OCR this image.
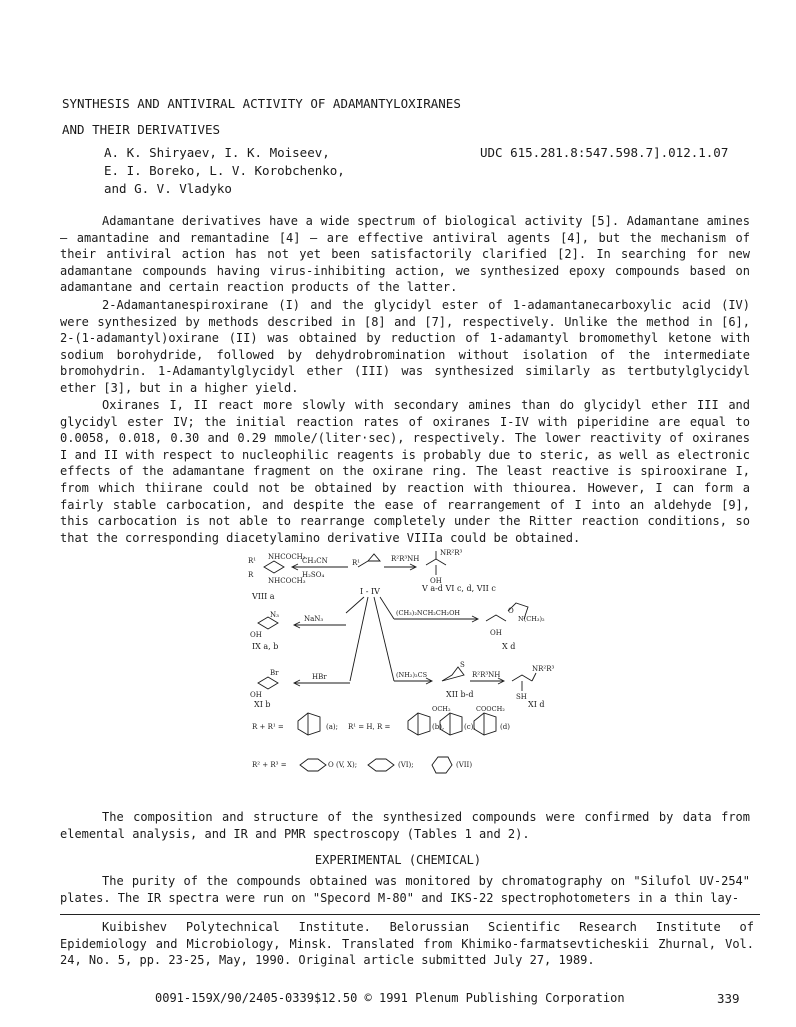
SYNTHESIS AND ANTIVIRAL ACTIVITY OF ADAMANTYLOXIRANES
AND THEIR DERIVATIVES
A. K. Shiryaev, I. K. Moiseev,
E. I. Boreko, L. V. Korobchenko,
and G. V. Vladyko
UDC 615.281.8:547.598.7].012.1.07

Adamantane derivatives have a wide spectrum of biological activity [5]. Adamantane amines – amantadine and remantadine [4] – are effective antiviral agents [4], but the mechanism of their antiviral action has not yet been satisfactorily clarified [2]. In searching for new adamantane compounds having virus-inhibiting action, we synthesized epoxy compounds based on adamantane and certain reaction products of the latter.

2-Adamantanespiroxirane (I) and the glycidyl ester of 1-adamantanecarboxylic acid (IV) were synthesized by methods described in [8] and [7], respectively. Unlike the method in [6], 2-(1-adamantyl)oxirane (II) was obtained by reduction of 1-adamantyl bromomethyl ketone with sodium borohydride, followed by dehydrobromination without isolation of the intermediate bromohydrin. 1-Adamantylglycidyl ether (III) was synthesized similarly as tertbutylglycidyl ether [3], but in a higher yield.

Oxiranes I, II react more slowly with secondary amines than do glycidyl ether III and glycidyl ester IV; the initial reaction rates of oxiranes I-IV with piperidine are equal to 0.0058, 0.018, 0.30 and 0.29 mmole/(liter·sec), respectively. The lower reactivity of oxiranes I and II with respect to nucleophilic reagents is probably due to steric, as well as electronic effects of the adamantane fragment on the oxirane ring. The least reactive is spirooxirane I, from which thiirane could not be obtained by reaction with thiourea. However, I can form a fairly stable carbocation, and despite the ease of rearrangement of I into an aldehyde [9], this carbocation is not able to rearrange completely under the Ritter reaction conditions, so that the corresponding diacetylamino derivative VIIIa could be obtained.

R¹ NHCOCH₃
R
NHCOCH₃
VIII a
CH₃CN
H₂SO₄
R¹	R²R³NH
NR²R³
OH
V a-d VI c, d, VII c
I - IV
N₃
OH
IX a, b
NaN₃
(CH₃)₂NCH₂CH₂OH	O
N(CH₃)₂
OH
X d
Br
OH
XI b
HBr	(NH₂)₂CS
S
XII b-d
R²R³NH
NR²R³
SH
XI d
R + R¹ =	(a); R¹ = H, R =
OCH₂	COOCH₂
(b),	(c),	(d)
R² + R³ =	O (V, X);	(VI);	(VII)

The composition and structure of the synthesized compounds were confirmed by data from elemental analysis, and IR and PMR spectroscopy (Tables 1 and 2).

EXPERIMENTAL (CHEMICAL)

The purity of the compounds obtained was monitored by chromatography on "Silufol UV-254" plates. The IR spectra were run on "Specord M-80" and IKS-22 spectrophotometers in a thin lay-

Kuibishev Polytechnical Institute. Belorussian Scientific Research Institute of Epidemiology and Microbiology, Minsk. Translated from Khimiko-farmatsevticheskii Zhurnal, Vol. 24, No. 5, pp. 23-25, May, 1990. Original article submitted July 27, 1989.

0091-159X/90/2405-0339$12.50 © 1991 Plenum Publishing Corporation	339
